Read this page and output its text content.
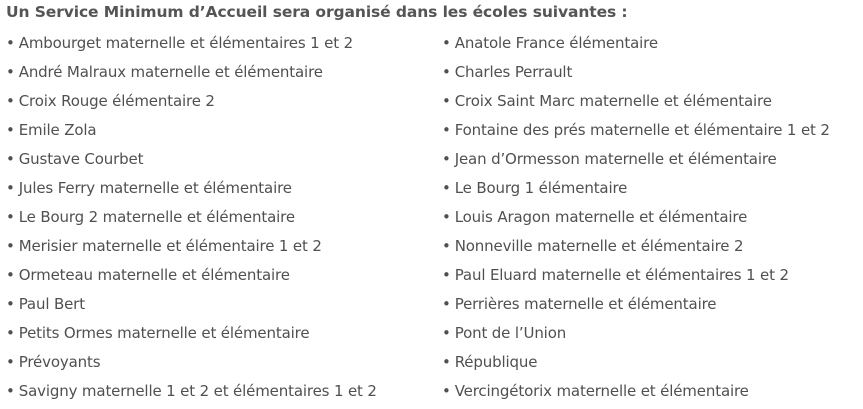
Un Service Minimum d’Accueil sera organisé dans les écoles suivantes :
• Ambourget maternelle et élémentaires 1 et 2
• André Malraux maternelle et élémentaire
• Croix Rouge élémentaire 2
• Emile Zola
• Gustave Courbet
• Jules Ferry maternelle et élémentaire
• Le Bourg 2 maternelle et élémentaire
• Merisier maternelle et élémentaire 1 et 2
• Ormeteau maternelle et élémentaire
• Paul Bert
• Petits Ormes maternelle et élémentaire
• Prévoyants
• Savigny maternelle 1 et 2 et élémentaires 1 et 2
• Anatole France élémentaire
• Charles Perrault
• Croix Saint Marc maternelle et élémentaire
• Fontaine des prés maternelle et élémentaire 1 et 2
• Jean d’Ormesson maternelle et élémentaire
• Le Bourg 1 élémentaire
• Louis Aragon maternelle et élémentaire
• Nonneville maternelle et élémentaire 2
• Paul Eluard maternelle et élémentaires 1 et 2
• Perrières maternelle et élémentaire
• Pont de l’Union
• République
• Vercingétorix maternelle et élémentaire
